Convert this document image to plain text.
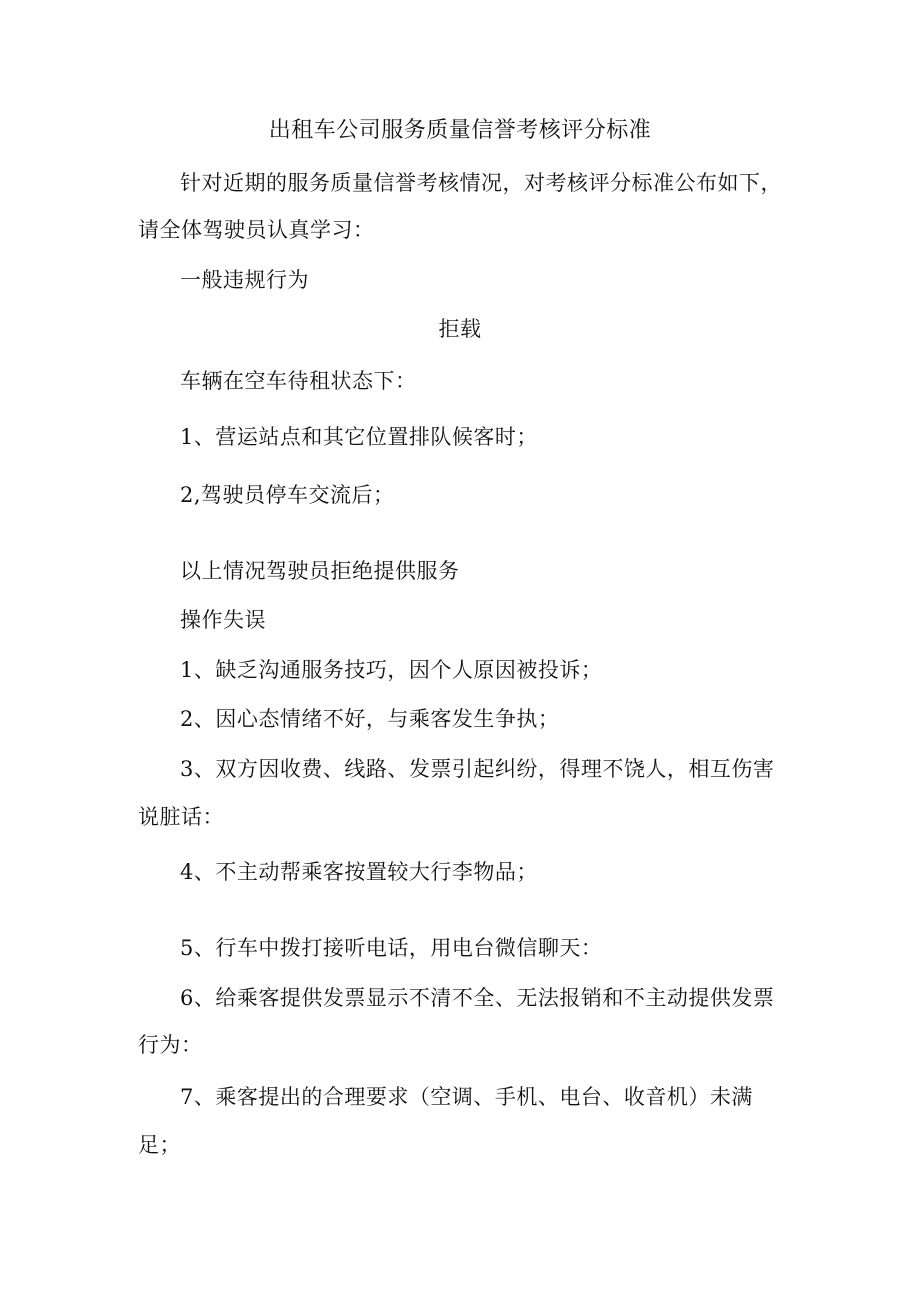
出租车公司服务质量信誉考核评分标准
针对近期的服务质量信誉考核情况，对考核评分标准公布如下，
请全体驾驶员认真学习：
一般违规行为
拒载
车辆在空车待租状态下：
1、营运站点和其它位置排队候客时；
2,驾驶员停车交流后；
以上情况驾驶员拒绝提供服务
操作失误
1、缺乏沟通服务技巧，因个人原因被投诉；
2、因心态情绪不好，与乘客发生争执；
3、双方因收费、线路、发票引起纠纷，得理不饶人，相互伤害
说脏话：
4、不主动帮乘客按置较大行李物品；
5、行车中拨打接听电话，用电台微信聊天：
6、给乘客提供发票显示不清不全、无法报销和不主动提供发票
行为：
7、乘客提出的合理要求（空调、手机、电台、收音机）未满
足；
